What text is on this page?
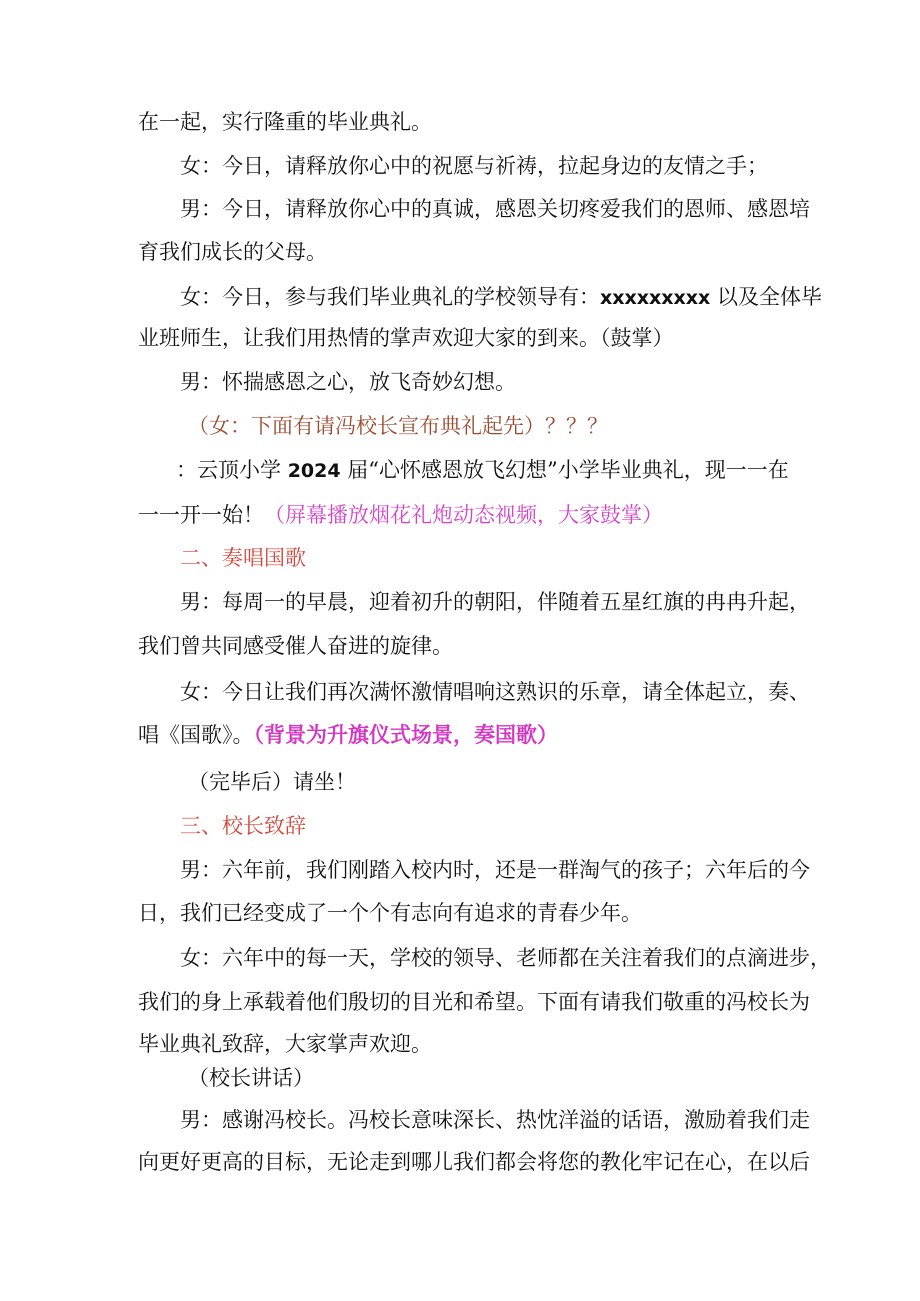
在一起，实行隆重的毕业典礼。
女：今日，请释放你心中的祝愿与祈祷，拉起身边的友情之手；
男：今日，请释放你心中的真诚，感恩关切疼爱我们的恩师、感恩培
育我们成长的父母。
女：今日，参与我们毕业典礼的学校领导有：xxxxxxxxx 以及全体毕
业班师生，让我们用热情的掌声欢迎大家的到来。（鼓掌）
男：怀揣感恩之心，放飞奇妙幻想。
（女：下面有请冯校长宣布典礼起先）？？？
：云顶小学 2024 届“心怀感恩放飞幻想”小学毕业典礼，现一一在
一一开一始！（屏幕播放烟花礼炮动态视频，大家鼓掌）
二、奏唱国歌
男：每周一的早晨，迎着初升的朝阳，伴随着五星红旗的冉冉升起，
我们曾共同感受催人奋进的旋律。
女：今日让我们再次满怀激情唱响这熟识的乐章，请全体起立，奏、
唱《国歌》。（背景为升旗仪式场景，奏国歌）
（完毕后）请坐！
三、校长致辞
男：六年前，我们刚踏入校内时，还是一群淘气的孩子；六年后的今
日，我们已经变成了一个个有志向有追求的青春少年。
女：六年中的每一天，学校的领导、老师都在关注着我们的点滴进步，
我们的身上承载着他们殷切的目光和希望。下面有请我们敬重的冯校长为
毕业典礼致辞，大家掌声欢迎。
（校长讲话）
男：感谢冯校长。冯校长意味深长、热忱洋溢的话语，激励着我们走
向更好更高的目标，无论走到哪儿我们都会将您的教化牢记在心，在以后
